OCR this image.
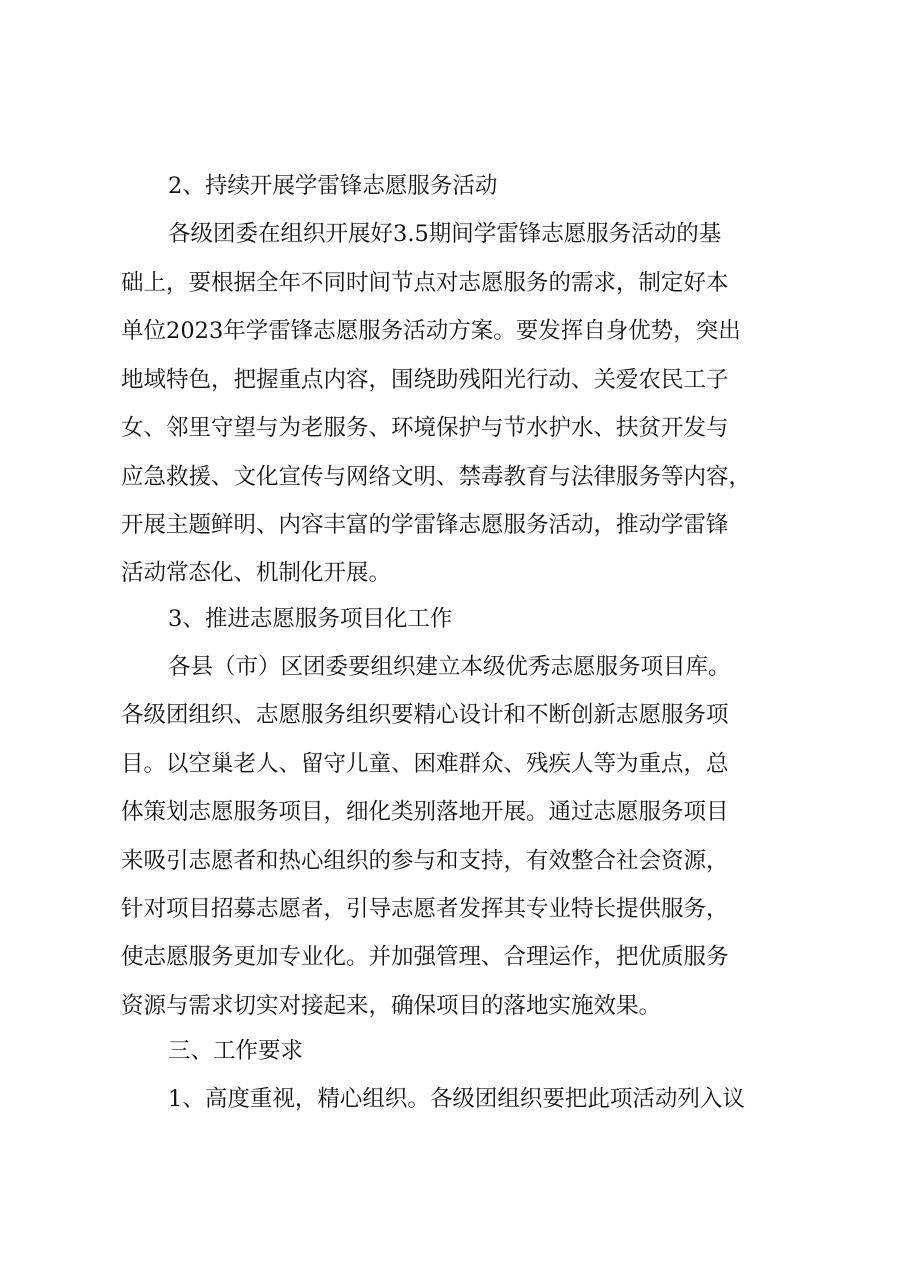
2、持续开展学雷锋志愿服务活动

各级团委在组织开展好3.5期间学雷锋志愿服务活动的基

础上，要根据全年不同时间节点对志愿服务的需求，制定好本

单位2023年学雷锋志愿服务活动方案。要发挥自身优势，突出

地域特色，把握重点内容，围绕助残阳光行动、关爱农民工子

女、邻里守望与为老服务、环境保护与节水护水、扶贫开发与

应急救援、文化宣传与网络文明、禁毒教育与法律服务等内容，

开展主题鲜明、内容丰富的学雷锋志愿服务活动，推动学雷锋

活动常态化、机制化开展。

3、推进志愿服务项目化工作

各县（市）区团委要组织建立本级优秀志愿服务项目库。

各级团组织、志愿服务组织要精心设计和不断创新志愿服务项

目。以空巢老人、留守儿童、困难群众、残疾人等为重点，总

体策划志愿服务项目，细化类别落地开展。通过志愿服务项目

来吸引志愿者和热心组织的参与和支持，有效整合社会资源，

针对项目招募志愿者，引导志愿者发挥其专业特长提供服务，

使志愿服务更加专业化。并加强管理、合理运作，把优质服务

资源与需求切实对接起来，确保项目的落地实施效果。

三、工作要求

1、高度重视，精心组织。各级团组织要把此项活动列入议
